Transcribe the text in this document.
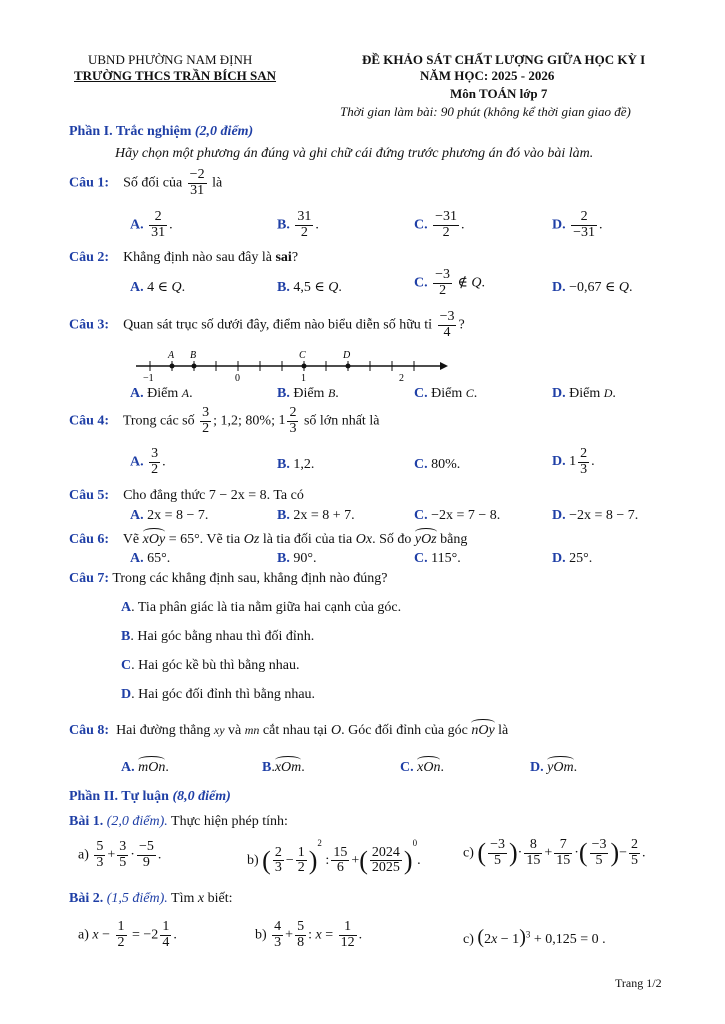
UBND PHƯỜNG NAM ĐỊNH
TRƯỜNG THCS TRẦN BÍCH SAN
ĐỀ KHẢO SÁT CHẤT LƯỢNG GIỮA HỌC KỲ I
NĂM HỌC: 2025 - 2026
Môn TOÁN lớp 7
Thời gian làm bài: 90 phút (không kể thời gian giao đề)
Phần I. Trắc nghiệm (2,0 điểm)
Hãy chọn một phương án đúng và ghi chữ cái đứng trước phương án đó vào bài làm.
Câu 1: Số đối của $\frac{-2}{31}$ là
A. $\frac{2}{31}$ .	B. $\frac{31}{2}$ .	C. $\frac{-31}{2}$ .	D. $\frac{2}{-31}$ .
Câu 2: Khẳng định nào sau đây là sai?
A. 4 ∈ Q.	B. 4,5 ∈ Q.	C. $\frac{-3}{2}$ ∉ Q.	D. −0,67 ∈ Q.
Câu 3: Quan sát trục số dưới đây, điểm nào biểu diễn số hữu tỉ $\frac{-3}{4}$ ?
A B	C	D
−1	0	1	2
A. Điểm A.	B. Điểm B.	C. Điểm C.	D. Điểm D.
Câu 4: Trong các số $\frac{3}{2}$ ; 1,2; 80%; $1 \frac{2}{3}$ số lớn nhất là
A. $\frac{3}{2}$ .	B. 1,2.	C. 80%.	D. $1 \frac{2}{3}$ .
Câu 5: Cho đẳng thức 7 − 2x = 8. Ta có
A. 2x = 8 − 7.	B. 2x = 8 + 7.	C. −2x = 7 − 8.	D. −2x = 8 − 7.
Câu 6: Vẽ xOy = 65°. Vẽ tia Oz là tia đối của tia Ox. Số đo yOz bằng
A. 65°.	B. 90°.	C. 115°.	D. 25°.
Câu 7: Trong các khẳng định sau, khẳng định nào đúng?
A. Tia phân giác là tia nằm giữa hai cạnh của góc.
B. Hai góc bằng nhau thì đối đỉnh.
C. Hai góc kề bù thì bằng nhau.
D. Hai góc đối đỉnh thì bằng nhau.
Câu 8: Hai đường thẳng xy và mn cắt nhau tại O. Góc đối đỉnh của góc nOy là
A. mOn.	B.xOm.	C. xOn.	D. yOm.
Phần II. Tự luận (8,0 điểm)
Bài 1. (2,0 điểm). Thực hiện phép tính:
$a) \frac{5}{3} + \frac{3}{5} \cdot \frac{-5}{9}$ .	b) ( $\frac{2}{3} - \frac{1}{2} )^2$ : $\frac{15}{6}$ +( $\frac{2024}{2025} )^0$.
c) ( $\frac{-3}{5}$ )· $\frac{8}{15} + \frac{7}{15}$ ·( $\frac{-3}{5}$ )− $\frac{2}{5}$ .
Bài 2. (1,5 điểm). Tìm x biết:
a) $x - \frac{1}{2} = -2 \frac{1}{4}$ .	$b) \frac{4}{3} + \frac{5}{8}$ : $x = \frac{1}{12}$ .	c) $(2x - 1)^3 + 0,125 = 0$ .
Trang 1/2
